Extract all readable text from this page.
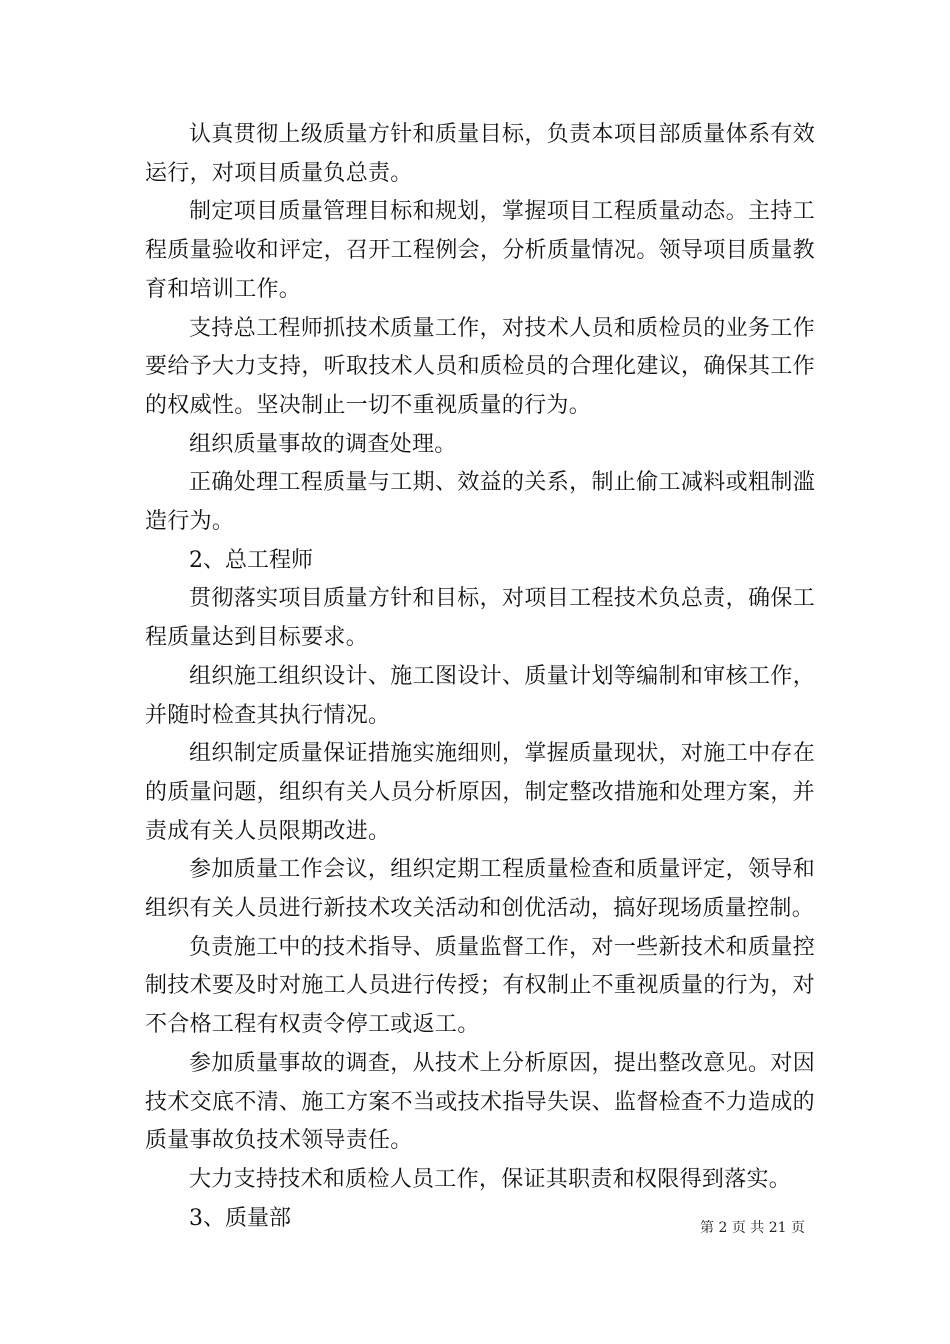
认真贯彻上级质量方针和质量目标，负责本项目部质量体系有效运行，对项目质量负总责。

制定项目质量管理目标和规划，掌握项目工程质量动态。主持工程质量验收和评定，召开工程例会，分析质量情况。领导项目质量教育和培训工作。

支持总工程师抓技术质量工作，对技术人员和质检员的业务工作要给予大力支持，听取技术人员和质检员的合理化建议，确保其工作的权威性。坚决制止一切不重视质量的行为。

组织质量事故的调查处理。

正确处理工程质量与工期、效益的关系，制止偷工减料或粗制滥造行为。

2、总工程师

贯彻落实项目质量方针和目标，对项目工程技术负总责，确保工程质量达到目标要求。

组织施工组织设计、施工图设计、质量计划等编制和审核工作，并随时检查其执行情况。

组织制定质量保证措施实施细则，掌握质量现状，对施工中存在的质量问题，组织有关人员分析原因，制定整改措施和处理方案，并责成有关人员限期改进。

参加质量工作会议，组织定期工程质量检查和质量评定，领导和组织有关人员进行新技术攻关活动和创优活动，搞好现场质量控制。

负责施工中的技术指导、质量监督工作，对一些新技术和质量控制技术要及时对施工人员进行传授；有权制止不重视质量的行为，对不合格工程有权责令停工或返工。

参加质量事故的调查，从技术上分析原因，提出整改意见。对因技术交底不清、施工方案不当或技术指导失误、监督检查不力造成的质量事故负技术领导责任。

大力支持技术和质检人员工作，保证其职责和权限得到落实。

3、质量部	第 2 页 共 21 页
